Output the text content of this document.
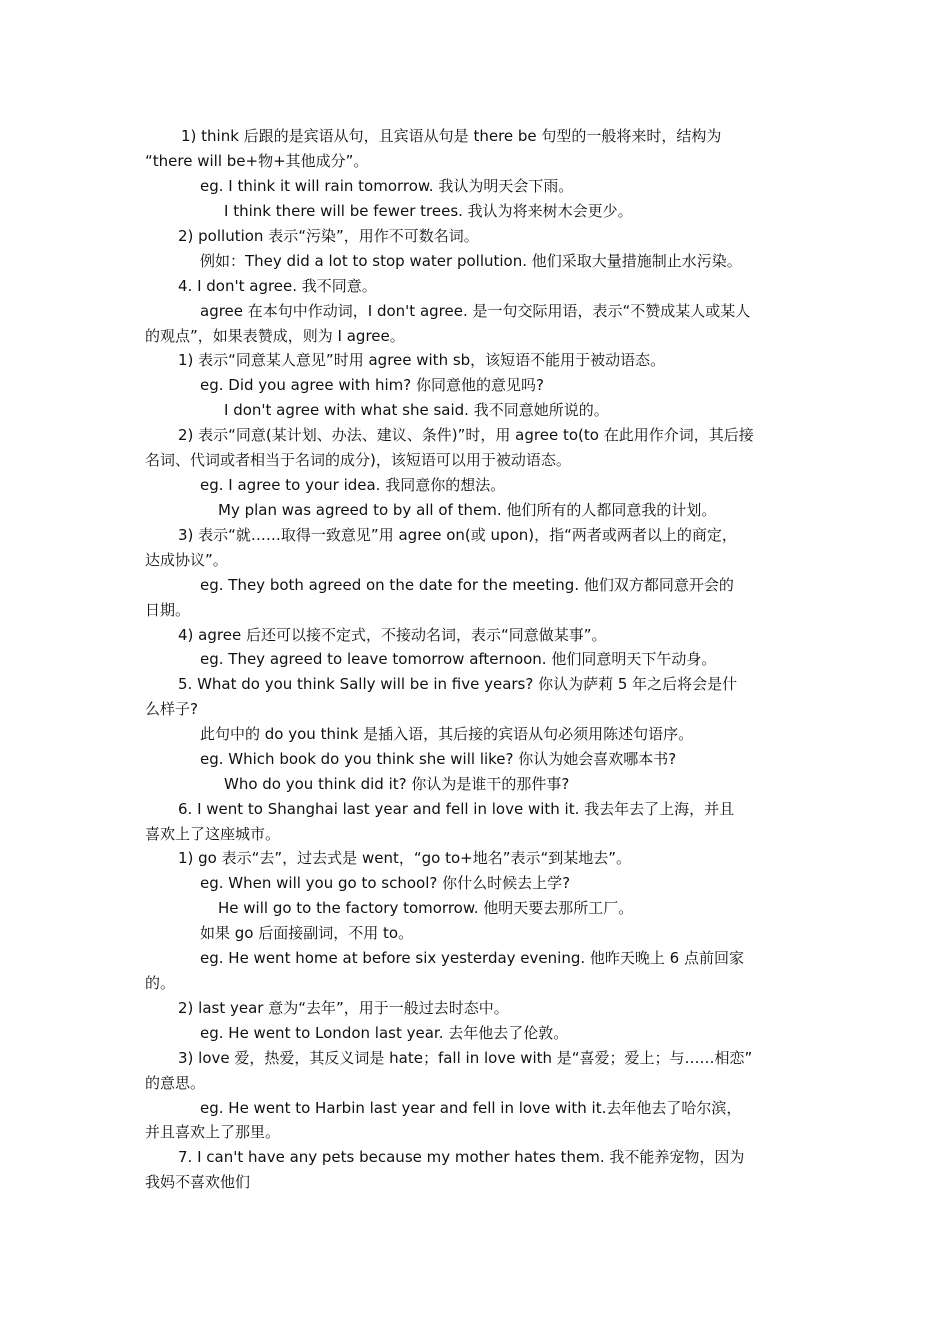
1) think 后跟的是宾语从句，且宾语从句是 there be 句型的一般将来时，结构为
“there will be+物+其他成分”。
eg. I think it will rain tomorrow. 我认为明天会下雨。
I think there will be fewer trees. 我认为将来树木会更少。
2) pollution 表示“污染”，用作不可数名词。
例如：They did a lot to stop water pollution. 他们采取大量措施制止水污染。
4. I don't agree. 我不同意。
agree 在本句中作动词，I don't agree. 是一句交际用语，表示“不赞成某人或某人
的观点”，如果表赞成，则为 I agree。
1) 表示“同意某人意见”时用 agree with sb，该短语不能用于被动语态。
eg. Did you agree with him? 你同意他的意见吗?
I don't agree with what she said. 我不同意她所说的。
2) 表示“同意(某计划、办法、建议、条件)”时，用 agree to(to 在此用作介词，其后接
名词、代词或者相当于名词的成分)，该短语可以用于被动语态。
eg. I agree to your idea. 我同意你的想法。
My plan was agreed to by all of them. 他们所有的人都同意我的计划。
3) 表示“就……取得一致意见”用 agree on(或 upon)，指“两者或两者以上的商定，
达成协议”。
eg. They both agreed on the date for the meeting. 他们双方都同意开会的
日期。
4) agree 后还可以接不定式，不接动名词，表示“同意做某事”。
eg. They agreed to leave tomorrow afternoon. 他们同意明天下午动身。
5. What do you think Sally will be in five years? 你认为萨莉 5 年之后将会是什
么样子?
此句中的 do you think 是插入语，其后接的宾语从句必须用陈述句语序。
eg. Which book do you think she will like? 你认为她会喜欢哪本书?
Who do you think did it? 你认为是谁干的那件事?
6. I went to Shanghai last year and fell in love with it. 我去年去了上海，并且
喜欢上了这座城市。
1) go 表示“去”，过去式是 went，“go to+地名”表示“到某地去”。
eg. When will you go to school? 你什么时候去上学?
He will go to the factory tomorrow. 他明天要去那所工厂。
如果 go 后面接副词，不用 to。
eg. He went home at before six yesterday evening. 他昨天晚上 6 点前回家
的。
2) last year 意为“去年”，用于一般过去时态中。
eg. He went to London last year. 去年他去了伦敦。
3) love 爱，热爱，其反义词是 hate；fall in love with 是“喜爱；爱上；与……相恋”
的意思。
eg. He went to Harbin last year and fell in love with it.去年他去了哈尔滨，
并且喜欢上了那里。
7. I can't have any pets because my mother hates them. 我不能养宠物，因为
我妈不喜欢他们
